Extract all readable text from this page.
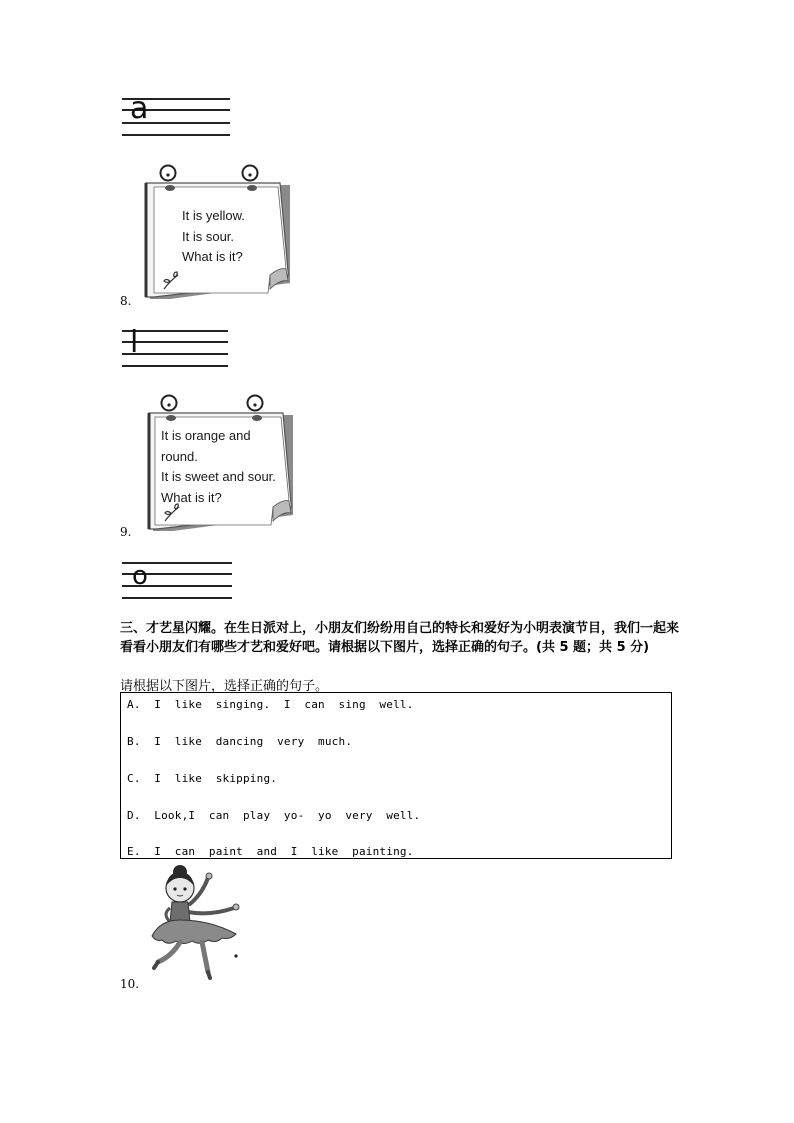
a
It is yellow.
It is sour.
What is it?
8.
l
It is orange and
round.
It is sweet and sour.
What is it?
9.
o
三、才艺星闪耀。在生日派对上，小朋友们纷纷用自己的特长和爱好为小明表演节目，我们一起来看看小朋友们有哪些才艺和爱好吧。请根据以下图片，选择正确的句子。(共 5 题；共 5 分)
请根据以下图片，选择正确的句子。
A.  I  like  singing.  I  can  sing  well.
B.  I  like  dancing  very  much.
C.  I  like  skipping.
D.  Look,I  can  play  yo-  yo  very  well.
E.  I  can  paint  and  I  like  painting.
10.
